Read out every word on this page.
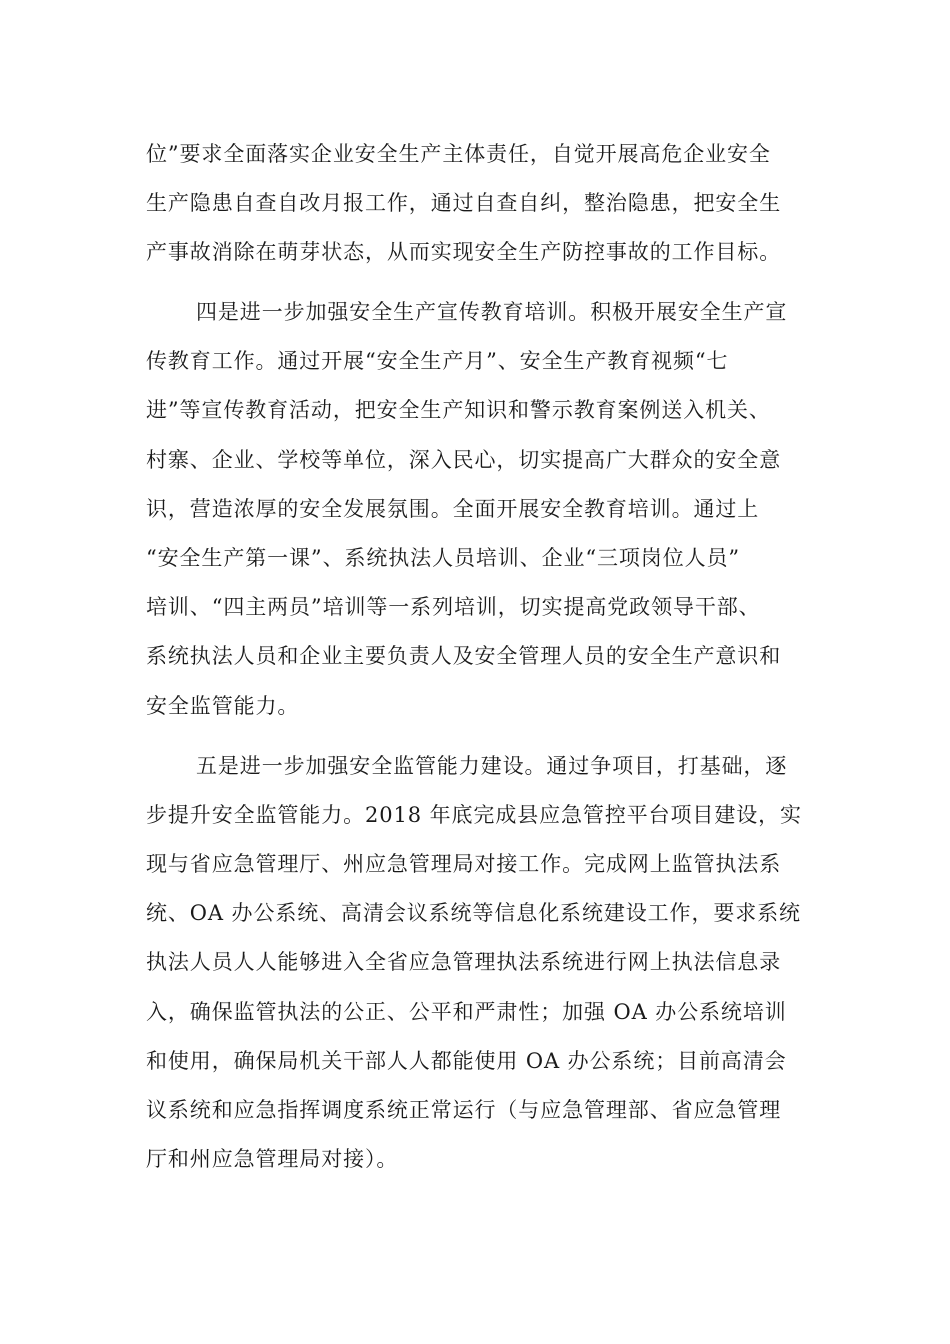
位”要求全面落实企业安全生产主体责任，自觉开展高危企业安全

生产隐患自查自改月报工作，通过自查自纠，整治隐患，把安全生

产事故消除在萌芽状态，从而实现安全生产防控事故的工作目标。

四是进一步加强安全生产宣传教育培训。积极开展安全生产宣

传教育工作。通过开展“安全生产月”、安全生产教育视频“七

进”等宣传教育活动，把安全生产知识和警示教育案例送入机关、

村寨、企业、学校等单位，深入民心，切实提高广大群众的安全意

识，营造浓厚的安全发展氛围。全面开展安全教育培训。通过上

“安全生产第一课”、系统执法人员培训、企业“三项岗位人员”

培训、“四主两员”培训等一系列培训，切实提高党政领导干部、

系统执法人员和企业主要负责人及安全管理人员的安全生产意识和

安全监管能力。

五是进一步加强安全监管能力建设。通过争项目，打基础，逐

步提升安全监管能力。2018 年底完成县应急管控平台项目建设，实

现与省应急管理厅、州应急管理局对接工作。完成网上监管执法系

统、OA 办公系统、高清会议系统等信息化系统建设工作，要求系统

执法人员人人能够进入全省应急管理执法系统进行网上执法信息录

入，确保监管执法的公正、公平和严肃性；加强 OA 办公系统培训

和使用，确保局机关干部人人都能使用 OA 办公系统；目前高清会

议系统和应急指挥调度系统正常运行（与应急管理部、省应急管理

厅和州应急管理局对接）。
